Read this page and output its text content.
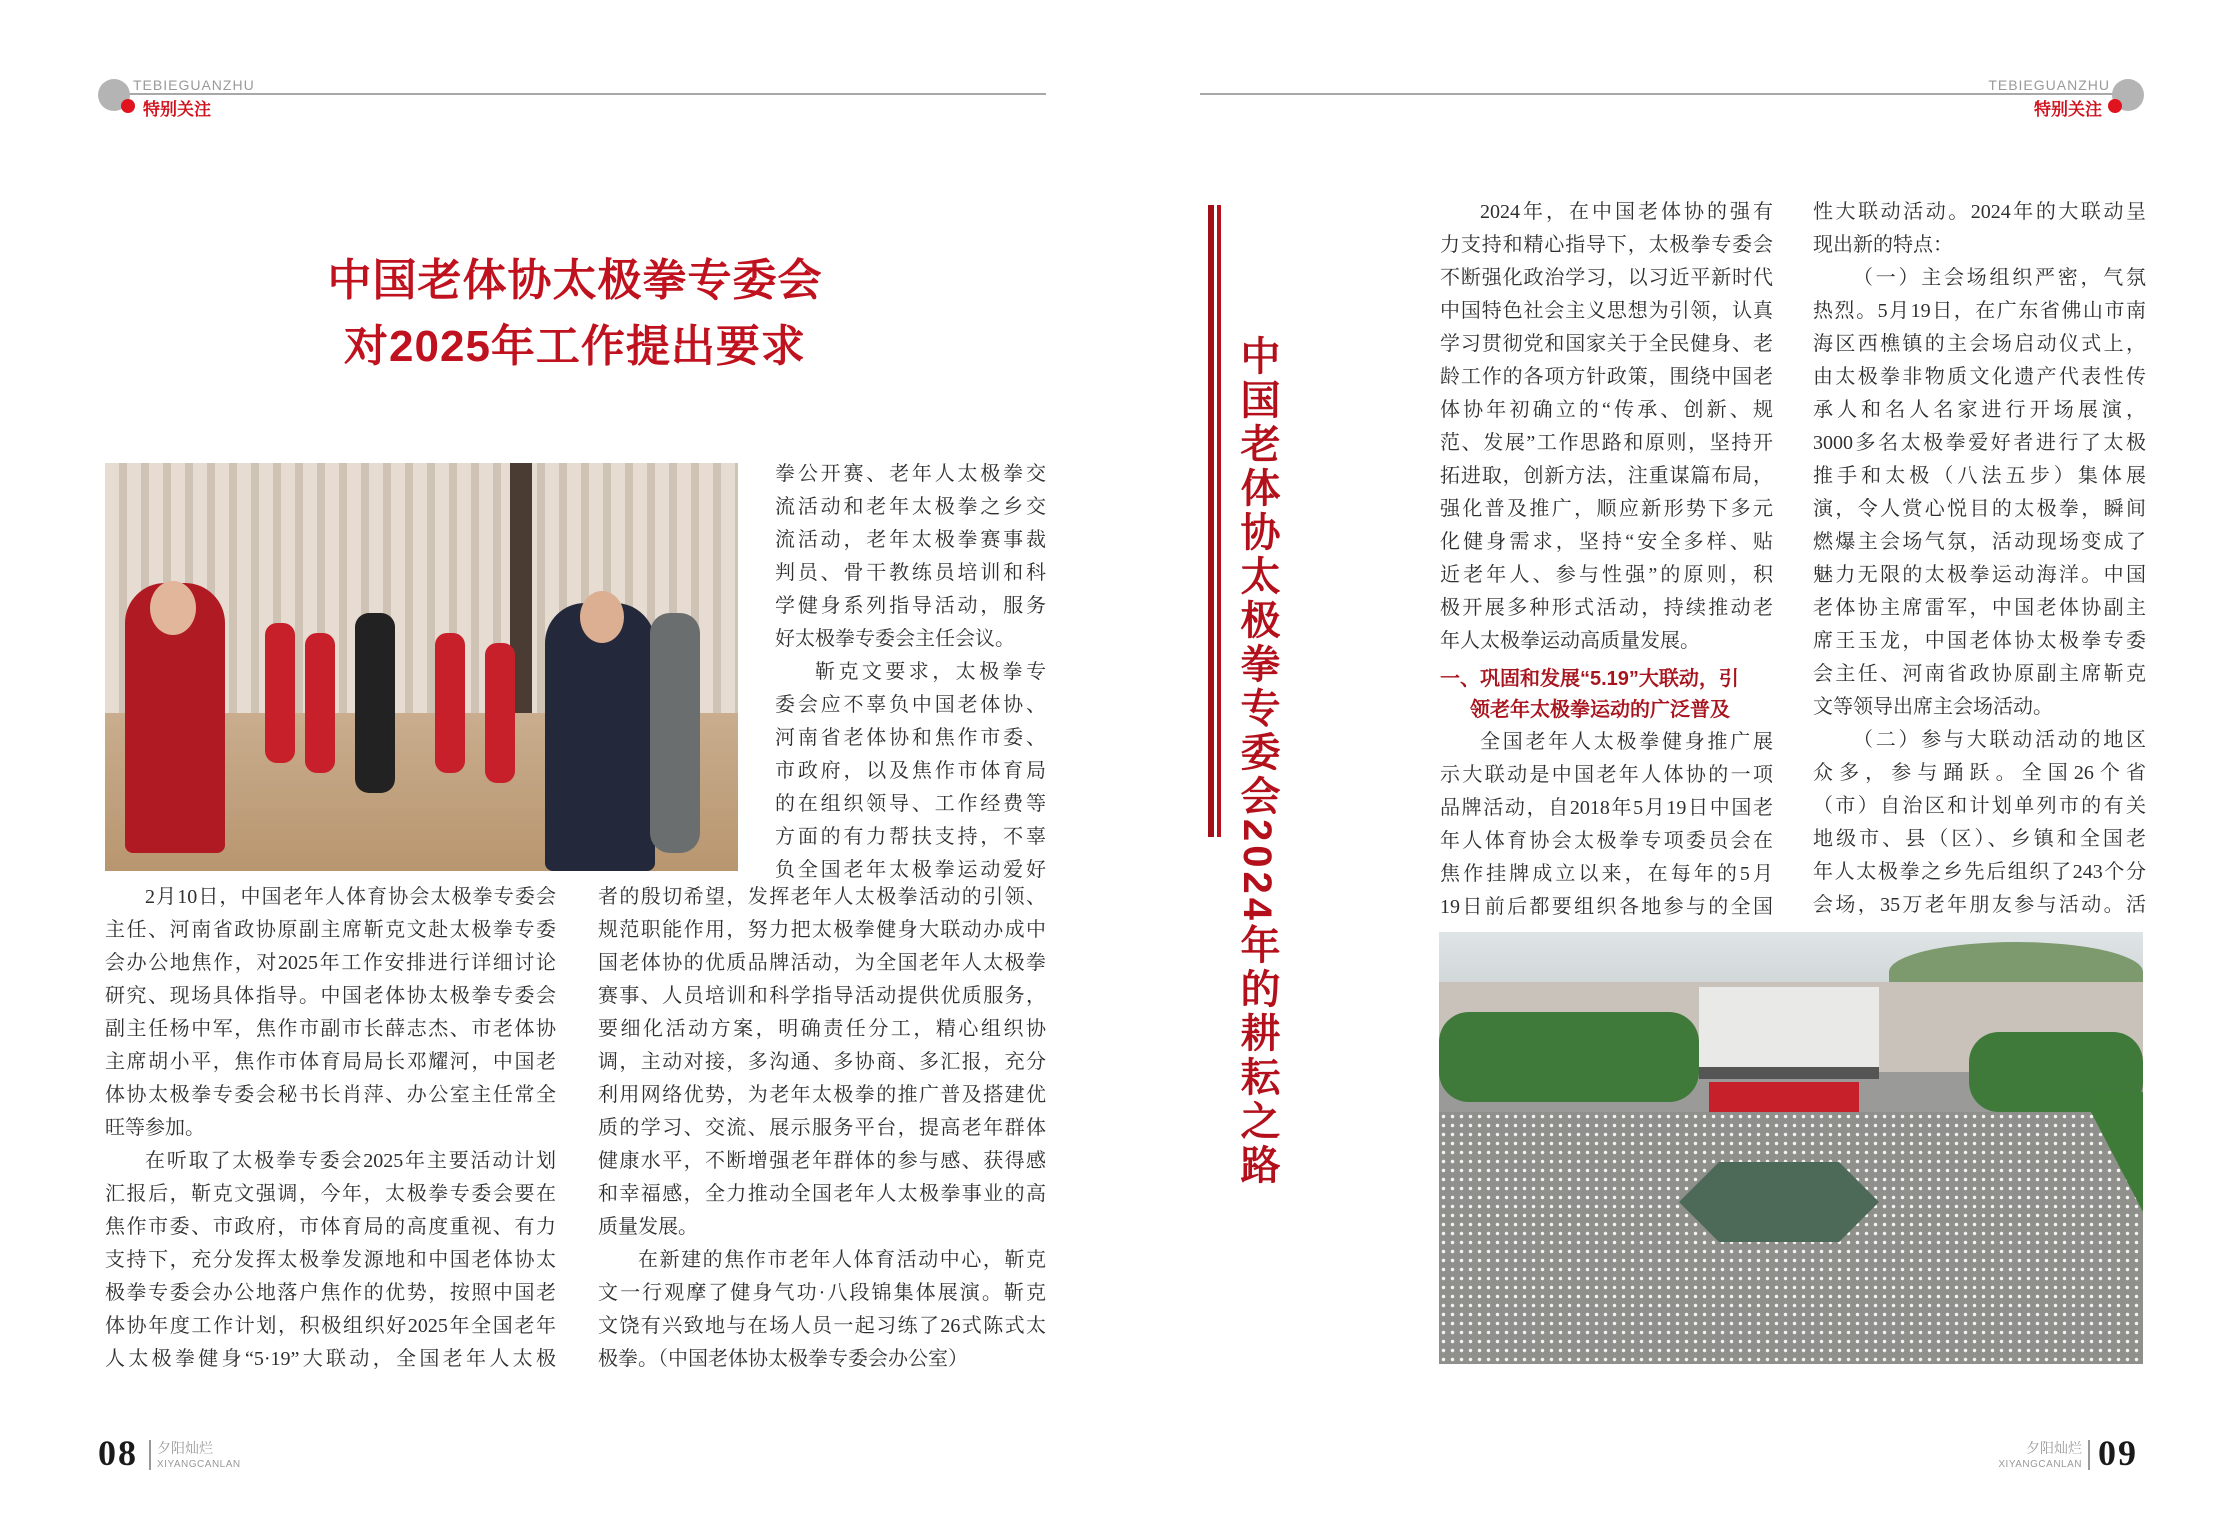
TEBIEGUANZHU
特别关注
TEBIEGUANZHU
特别关注
中国老体协太极拳专委会
对2025年工作提出要求	中国老体协太极拳专委会2024年的耕耘之路
拳公开赛、老年人太极拳交
流活动和老年太极拳之乡交
流活动，老年太极拳赛事裁
判员、骨干教练员培训和科
学健身系列指导活动，服务
好太极拳专委会主任会议。
靳克文要求，太极拳专
委会应不辜负中国老体协、
河南省老体协和焦作市委、
市政府，以及焦作市体育局
的在组织领导、工作经费等
方面的有力帮扶支持，不辜
负全国老年太极拳运动爱好
2月10日，中国老年人体育协会太极拳专委会
主任、河南省政协原副主席靳克文赴太极拳专委
会办公地焦作，对2025年工作安排进行详细讨论
研究、现场具体指导。中国老体协太极拳专委会
副主任杨中军，焦作市副市长薛志杰、市老体协
主席胡小平，焦作市体育局局长邓耀河，中国老
体协太极拳专委会秘书长肖萍、办公室主任常全
旺等参加。
在听取了太极拳专委会2025年主要活动计划
汇报后，靳克文强调，今年，太极拳专委会要在
焦作市委、市政府，市体育局的高度重视、有力
支持下，充分发挥太极拳发源地和中国老体协太
极拳专委会办公地落户焦作的优势，按照中国老
体协年度工作计划，积极组织好2025年全国老年
人太极拳健身“5·19”大联动，全国老年人太极
者的殷切希望，发挥老年人太极拳活动的引领、
规范职能作用，努力把太极拳健身大联动办成中
国老体协的优质品牌活动，为全国老年人太极拳
赛事、人员培训和科学指导活动提供优质服务，
要细化活动方案，明确责任分工，精心组织协
调，主动对接，多沟通、多协商、多汇报，充分
利用网络优势，为老年太极拳的推广普及搭建优
质的学习、交流、展示服务平台，提高老年群体
健康水平，不断增强老年群体的参与感、获得感
和幸福感，全力推动全国老年人太极拳事业的高
质量发展。
在新建的焦作市老年人体育活动中心，靳克
文一行观摩了健身气功·八段锦集体展演。靳克
文饶有兴致地与在场人员一起习练了26式陈式太
极拳。（中国老体协太极拳专委会办公室）
2024年，在中国老体协的强有
力支持和精心指导下，太极拳专委会
不断强化政治学习，以习近平新时代
中国特色社会主义思想为引领，认真
学习贯彻党和国家关于全民健身、老
龄工作的各项方针政策，围绕中国老
体协年初确立的“传承、创新、规
范、发展”工作思路和原则，坚持开
拓进取，创新方法，注重谋篇布局，
强化普及推广，顺应新形势下多元
化健身需求，坚持“安全多样、贴
近老年人、参与性强”的原则，积
极开展多种形式活动，持续推动老
年人太极拳运动高质量发展。
一、巩固和发展“5.19”大联动，引
领老年太极拳运动的广泛普及
全国老年人太极拳健身推广展
示大联动是中国老年人体协的一项
品牌活动，自2018年5月19日中国老
年人体育协会太极拳专项委员会在
焦作挂牌成立以来，在每年的5月
19日前后都要组织各地参与的全国
性大联动活动。2024年的大联动呈
现出新的特点：
（一）主会场组织严密，气氛
热烈。5月19日，在广东省佛山市南
海区西樵镇的主会场启动仪式上，
由太极拳非物质文化遗产代表性传
承人和名人名家进行开场展演，
3000多名太极拳爱好者进行了太极
推手和太极（八法五步）集体展
演，令人赏心悦目的太极拳，瞬间
燃爆主会场气氛，活动现场变成了
魅力无限的太极拳运动海洋。中国
老体协主席雷军，中国老体协副主
席王玉龙，中国老体协太极拳专委
会主任、河南省政协原副主席靳克
文等领导出席主会场活动。
（二）参与大联动活动的地区
众多，参与踊跃。全国26个省
（市）自治区和计划单列市的有关
地级市、县（区）、乡镇和全国老
年人太极拳之乡先后组织了243个分
会场，35万老年朋友参与活动。活
08 夕阳灿烂
XIYANGCANLAN	09
夕阳灿烂
XIYANGCANLAN
